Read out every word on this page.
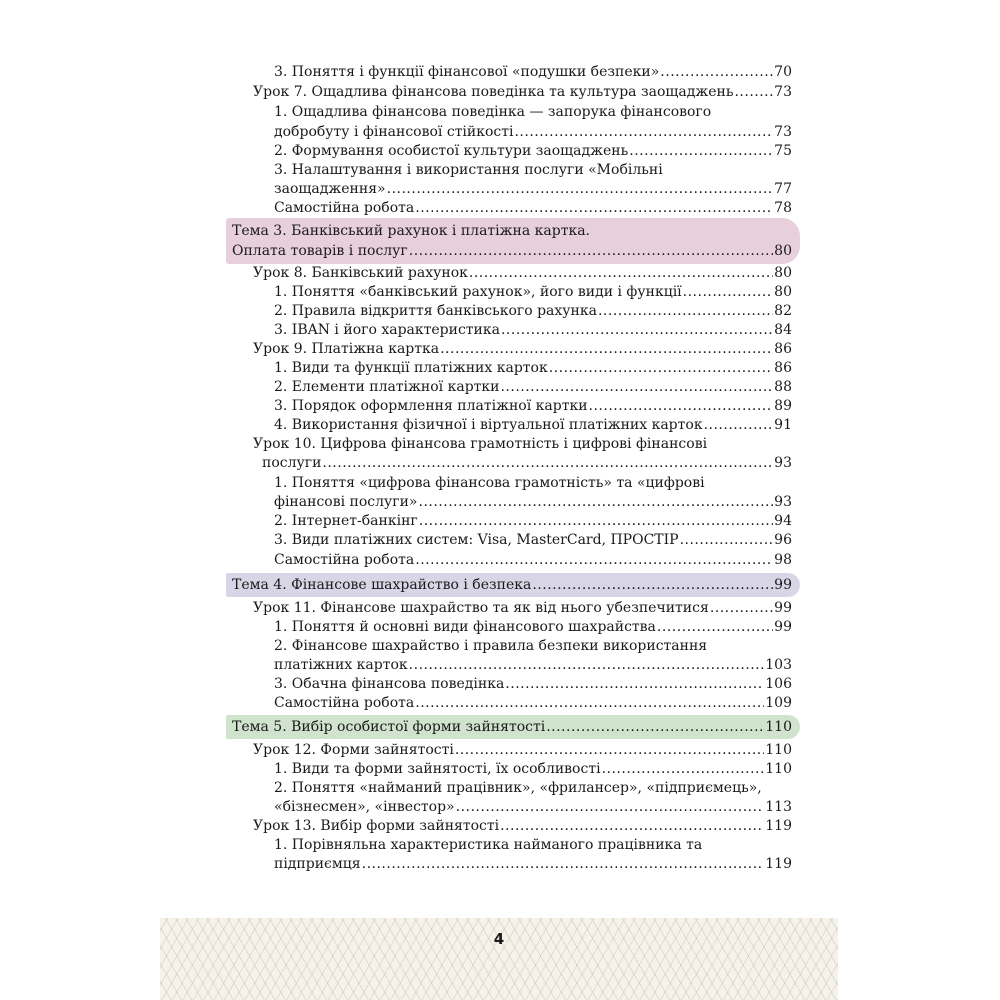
3. Поняття і функції фінансової «подушки безпеки» .....	70
Урок 7. Ощадлива фінансова поведінка та культура заощаджень .....	73
1. Ощадлива фінансова поведінка — запорука фінансового
добробуту і фінансової стійкості .....	73
2. Формування особистої культури заощаджень .....	75
3. Налаштування і використання послуги «Мобільні
заощадження» .....	77
Самостійна робота .....	78
Тема 3. Банківський рахунок і платіжна картка.
Оплата товарів і послуг .....	80
Урок 8. Банківський рахунок .....	80
1. Поняття «банківський рахунок», його види і функції .....	80
2. Правила відкриття банківського рахунка .....	82
3. IBAN і його характеристика .....	84
Урок 9. Платіжна картка .....	86
1. Види та функції платіжних карток .....	86
2. Елементи платіжної картки .....	88
3. Порядок оформлення платіжної картки .....	89
4. Використання фізичної і віртуальної платіжних карток .....	91
Урок 10. Цифрова фінансова грамотність і цифрові фінансові
послуги .....	93
1. Поняття «цифрова фінансова грамотність» та «цифрові
фінансові послуги» .....	93
2. Інтернет-банкінг .....	94
3. Види платіжних систем: Visa, MasterCard, ПРОСТІР .....	96
Самостійна робота .....	98
Тема 4. Фінансове шахрайство і безпека .....	99
Урок 11. Фінансове шахрайство та як від нього убезпечитися .....	99
1. Поняття й основні види фінансового шахрайства .....	99
2. Фінансове шахрайство і правила безпеки використання
платіжних карток .....	103
3. Обачна фінансова поведінка .....	106
Самостійна робота .....	109
Тема 5. Вибір особистої форми зайнятості .....	110
Урок 12. Форми зайнятості .....	110
1. Види та форми зайнятості, їх особливості .....	110
2. Поняття «найманий працівник», «фрилансер», «підприємець»,
«бізнесмен», «інвестор» .....	113
Урок 13. Вибір форми зайнятості .....	119
1. Порівняльна характеристика найманого працівника та
підприємця .....	119
4
